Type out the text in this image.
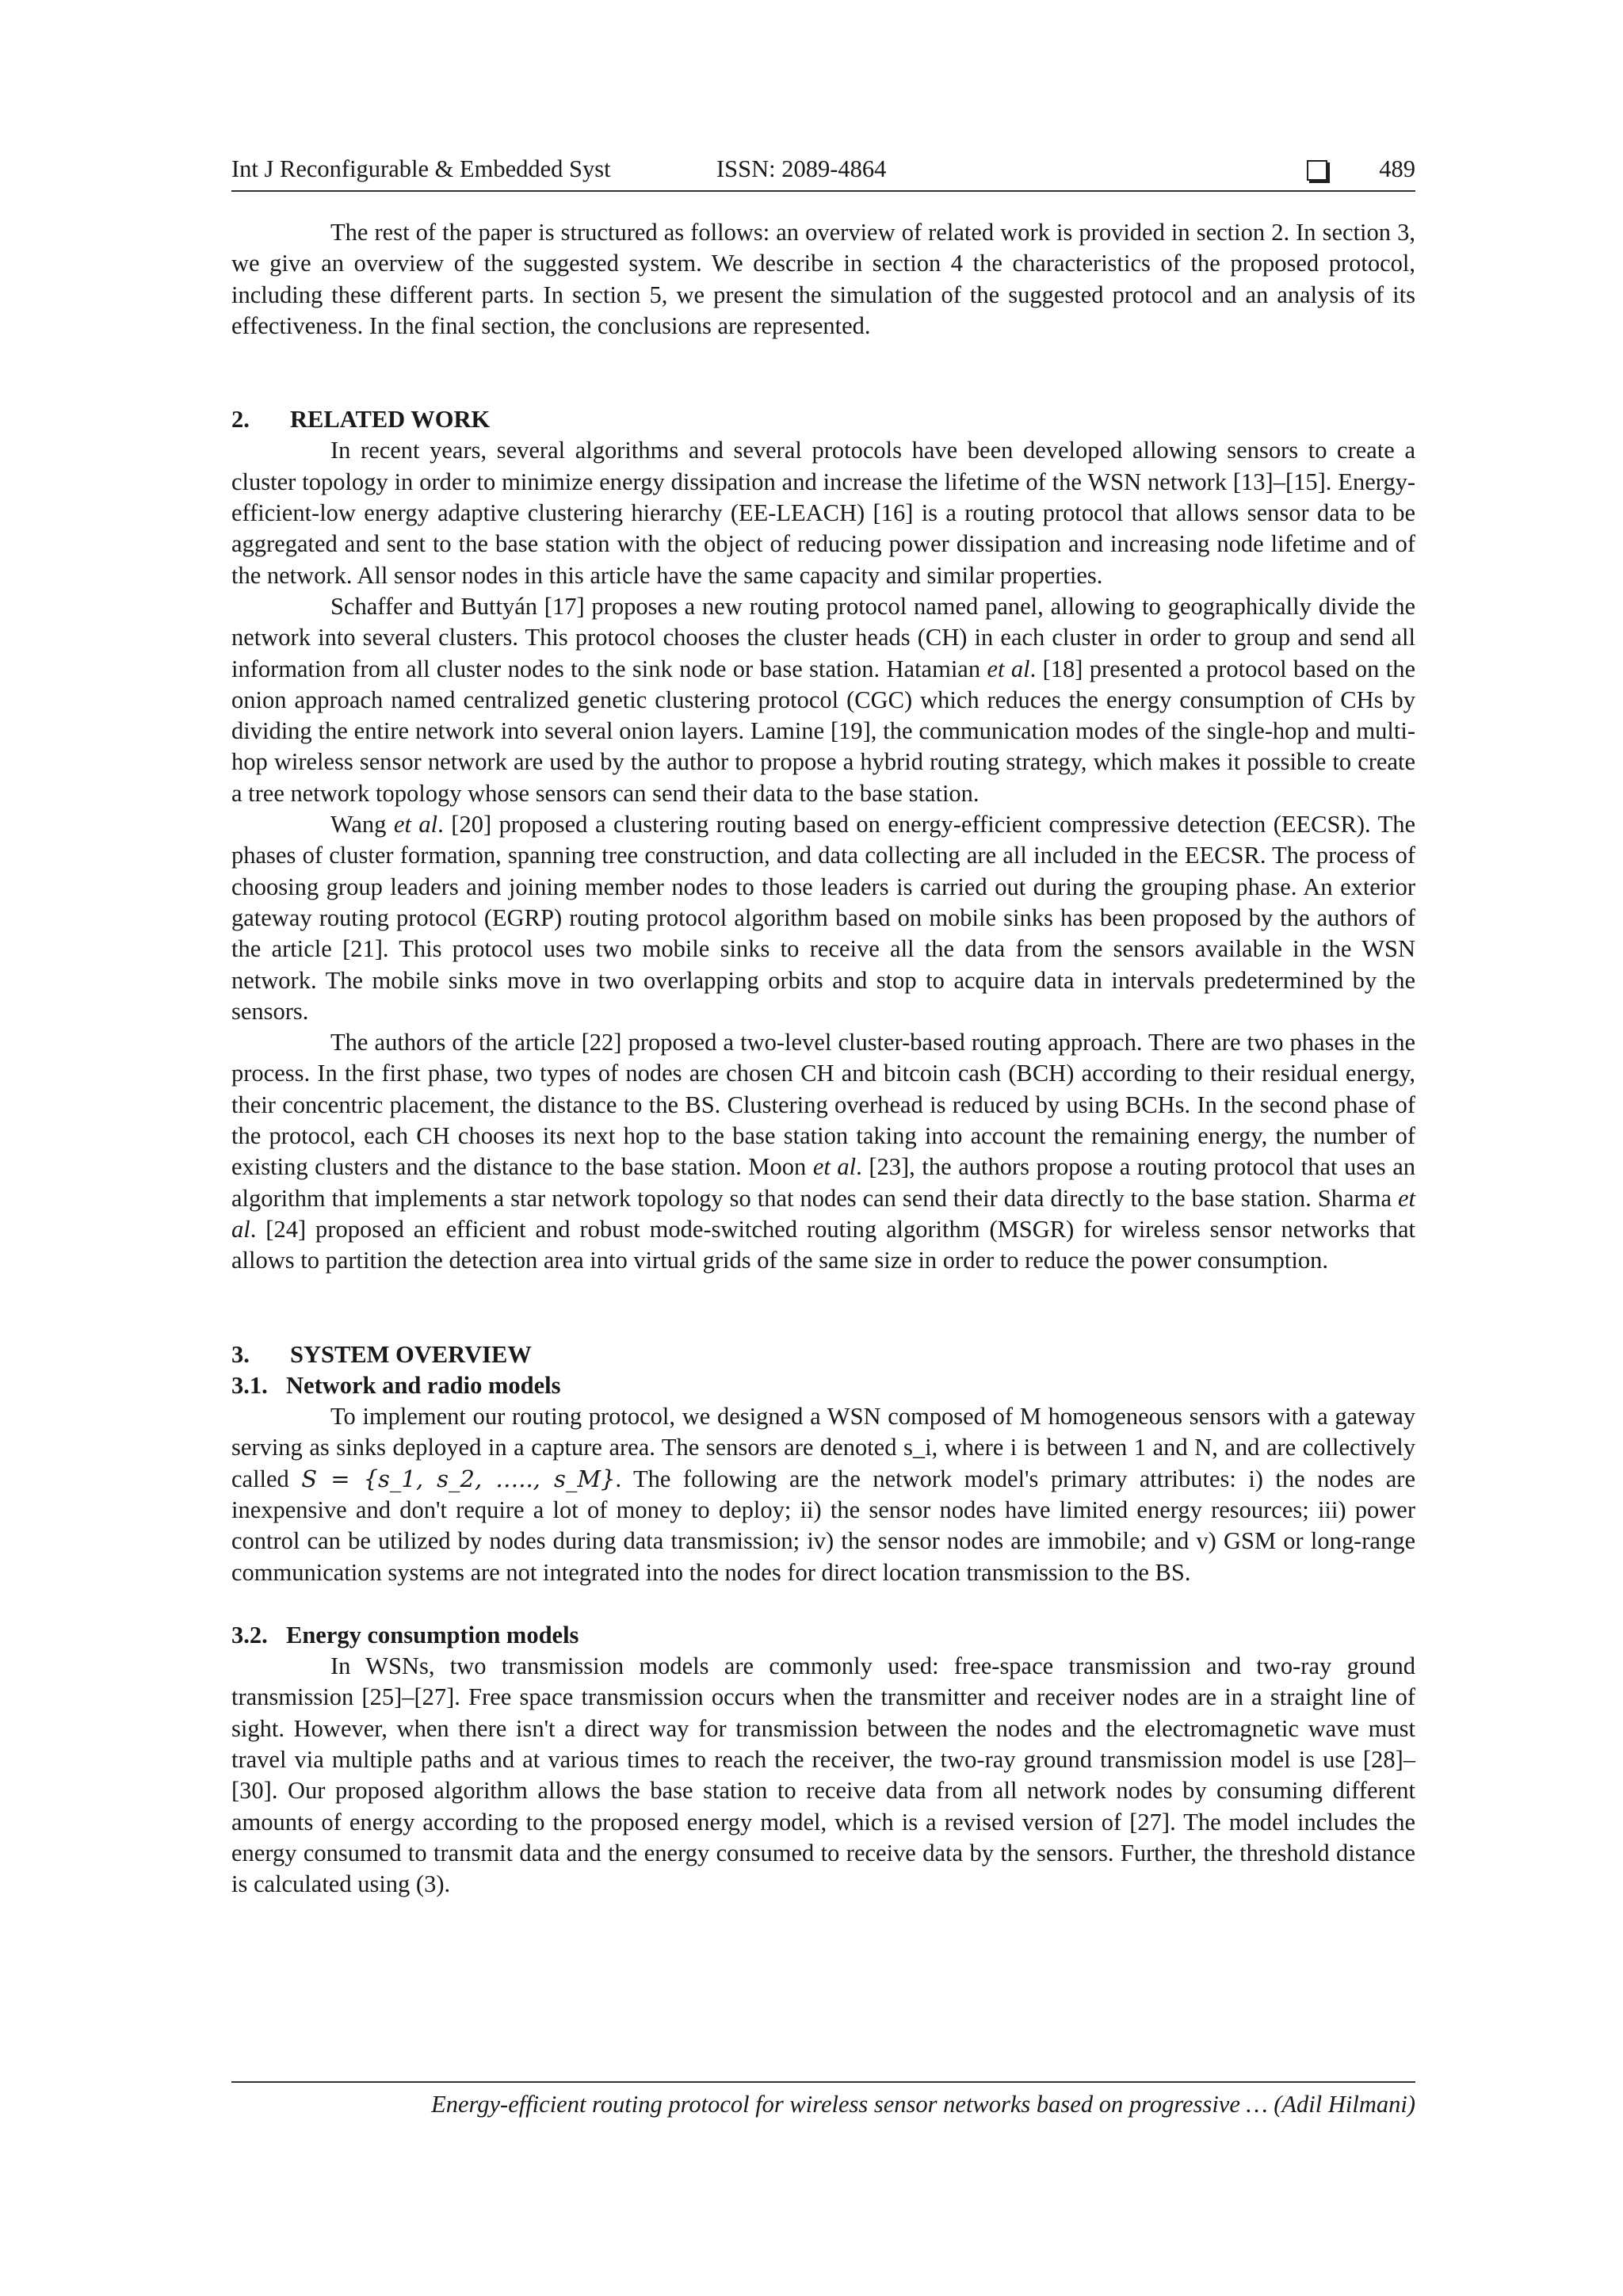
Int J Reconfigurable & Embedded Syst	ISSN: 2089-4864	489

The rest of the paper is structured as follows: an overview of related work is provided in section 2. In section 3, we give an overview of the suggested system. We describe in section 4 the characteristics of the proposed protocol, including these different parts. In section 5, we present the simulation of the suggested protocol and an analysis of its effectiveness. In the final section, the conclusions are represented.

2. RELATED WORK

In recent years, several algorithms and several protocols have been developed allowing sensors to create a cluster topology in order to minimize energy dissipation and increase the lifetime of the WSN network [13]–[15]. Energy-efficient-low energy adaptive clustering hierarchy (EE-LEACH) [16] is a routing protocol that allows sensor data to be aggregated and sent to the base station with the object of reducing power dissipation and increasing node lifetime and of the network. All sensor nodes in this article have the same capacity and similar properties.

Schaffer and Buttyán [17] proposes a new routing protocol named panel, allowing to geographically divide the network into several clusters. This protocol chooses the cluster heads (CH) in each cluster in order to group and send all information from all cluster nodes to the sink node or base station. Hatamian et al. [18] presented a protocol based on the onion approach named centralized genetic clustering protocol (CGC) which reduces the energy consumption of CHs by dividing the entire network into several onion layers. Lamine [19], the communication modes of the single-hop and multi-hop wireless sensor network are used by the author to propose a hybrid routing strategy, which makes it possible to create a tree network topology whose sensors can send their data to the base station.

Wang et al. [20] proposed a clustering routing based on energy-efficient compressive detection (EECSR). The phases of cluster formation, spanning tree construction, and data collecting are all included in the EECSR. The process of choosing group leaders and joining member nodes to those leaders is carried out during the grouping phase. An exterior gateway routing protocol (EGRP) routing protocol algorithm based on mobile sinks has been proposed by the authors of the article [21]. This protocol uses two mobile sinks to receive all the data from the sensors available in the WSN network. The mobile sinks move in two overlapping orbits and stop to acquire data in intervals predetermined by the sensors.

The authors of the article [22] proposed a two-level cluster-based routing approach. There are two phases in the process. In the first phase, two types of nodes are chosen CH and bitcoin cash (BCH) according to their residual energy, their concentric placement, the distance to the BS. Clustering overhead is reduced by using BCHs. In the second phase of the protocol, each CH chooses its next hop to the base station taking into account the remaining energy, the number of existing clusters and the distance to the base station. Moon et al. [23], the authors propose a routing protocol that uses an algorithm that implements a star network topology so that nodes can send their data directly to the base station. Sharma et al. [24] proposed an efficient and robust mode-switched routing algorithm (MSGR) for wireless sensor networks that allows to partition the detection area into virtual grids of the same size in order to reduce the power consumption.

3. SYSTEM OVERVIEW
3.1. Network and radio models

To implement our routing protocol, we designed a WSN composed of M homogeneous sensors with a gateway serving as sinks deployed in a capture area. The sensors are denoted s_i, where i is between 1 and N, and are collectively called S = {s_1, s_2, ….., s_M}. The following are the network model's primary attributes: i) the nodes are inexpensive and don't require a lot of money to deploy; ii) the sensor nodes have limited energy resources; iii) power control can be utilized by nodes during data transmission; iv) the sensor nodes are immobile; and v) GSM or long-range communication systems are not integrated into the nodes for direct location transmission to the BS.

3.2. Energy consumption models

In WSNs, two transmission models are commonly used: free-space transmission and two-ray ground transmission [25]–[27]. Free space transmission occurs when the transmitter and receiver nodes are in a straight line of sight. However, when there isn't a direct way for transmission between the nodes and the electromagnetic wave must travel via multiple paths and at various times to reach the receiver, the two-ray ground transmission model is use [28]–[30]. Our proposed algorithm allows the base station to receive data from all network nodes by consuming different amounts of energy according to the proposed energy model, which is a revised version of [27]. The model includes the energy consumed to transmit data and the energy consumed to receive data by the sensors. Further, the threshold distance is calculated using (3).

Energy-efficient routing protocol for wireless sensor networks based on progressive … (Adil Hilmani)
